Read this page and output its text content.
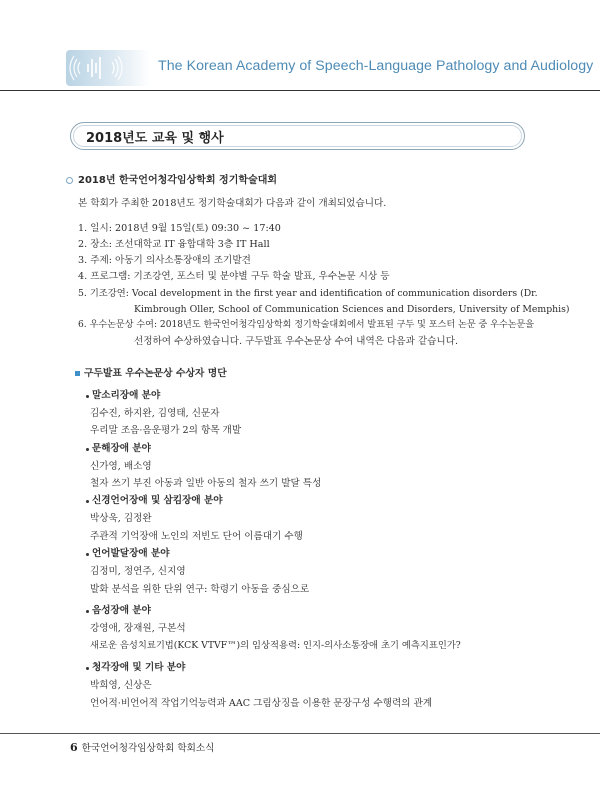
The Korean Academy of Speech-Language Pathology and Audiology
2018년도 교육 및 행사
2018년 한국언어청각임상학회 정기학술대회
본 학회가 주최한 2018년도 정기학술대회가 다음과 같이 개최되었습니다.
1. 일시: 2018년 9월 15일(토) 09:30 ~ 17:40
2. 장소: 조선대학교 IT 융합대학 3층 IT Hall
3. 주제: 아동기 의사소통장애의 조기발견
4. 프로그램: 기조강연, 포스터 및 분야별 구두 학술 발표, 우수논문 시상 등
5. 기조강연: Vocal development in the first year and identification of communication disorders (Dr.
Kimbrough Oller, School of Communication Sciences and Disorders, University of Memphis)
6. 우수논문상 수여: 2018년도 한국언어청각임상학회 정기학술대회에서 발표된 구두 및 포스터 논문 중 우수논문을
선정하여 수상하였습니다. 구두발표 우수논문상 수여 내역은 다음과 같습니다.
구두발표 우수논문상 수상자 명단
말소리장애 분야
김수진, 하지완, 김영태, 신문자
우리말 조음·음운평가 2의 항목 개발
문해장애 분야
신가영, 배소영
철자 쓰기 부진 아동과 일반 아동의 철자 쓰기 발달 특성
신경언어장애 및 삼킴장애 분야
박상욱, 김정완
주관적 기억장애 노인의 저빈도 단어 이름대기 수행
언어발달장애 분야
김정미, 정연주, 신지영
발화 분석을 위한 단위 연구: 학령기 아동을 중심으로
음성장애 분야
강영애, 장재원, 구본석
새로운 음성치료기법(KCK VTVF™)의 임상적용력: 인지-의사소통장애 초기 예측지표인가?
청각장애 및 기타 분야
박희영, 신상은
언어적·비언어적 작업기억능력과 AAC 그림상징을 이용한 문장구성 수행력의 관계
6 한국언어청각임상학회 학회소식
